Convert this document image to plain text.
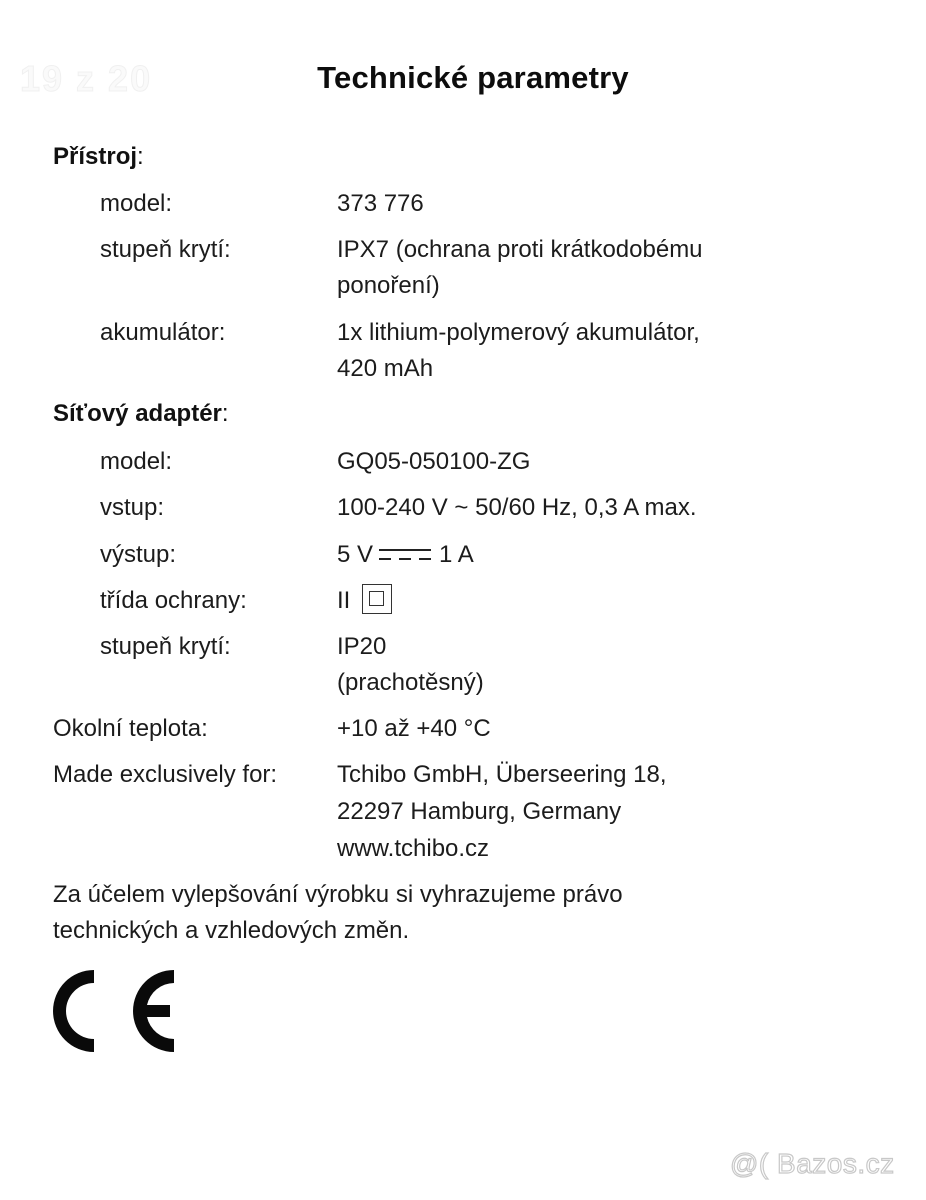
19 z 20	Technické parametry
Přístroj:
model:	373 776
stupeň krytí:	IPX7 (ochrana proti krátkodobému
ponoření)
akumulátor:	1x lithium-polymerový akumulátor,
420 mAh
Síťový adaptér:
model:	GQ05-050100-ZG
vstup:	100-240 V ~ 50/60 Hz, 0,3 A max.
výstup:	5 V	1 A
třída ochrany:	II
stupeň krytí:	IP20
(prachotěsný)
Okolní teplota:	+10 až +40 °C
Made exclusively for: Tchibo GmbH, Überseering 18,
22297 Hamburg, Germany
www.tchibo.cz
Za účelem vylepšování výrobku si vyhrazujeme právo
technických a vzhledových změn.
@( Bazos.cz
